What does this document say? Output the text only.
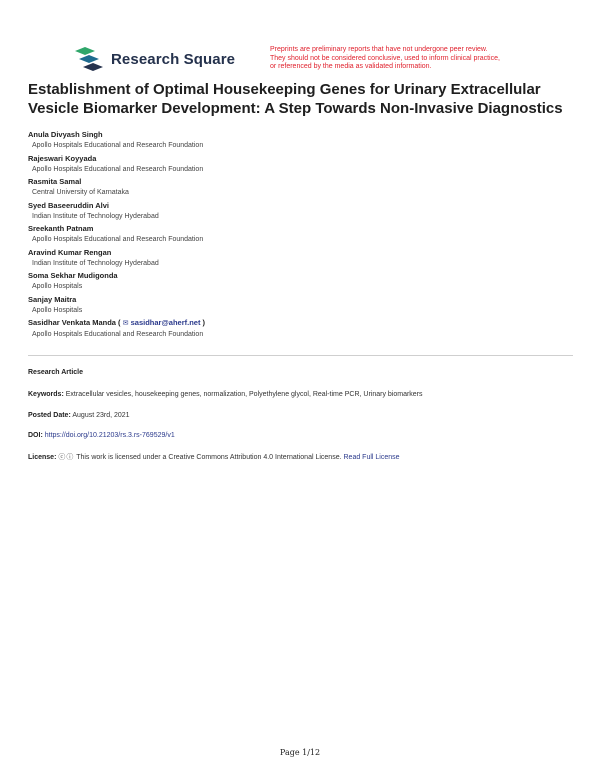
Research Square
Preprints are preliminary reports that have not undergone peer review.
They should not be considered conclusive, used to inform clinical practice,
or referenced by the media as validated information.
Establishment of Optimal Housekeeping Genes for Urinary Extracellular Vesicle Biomarker Development: A Step Towards Non-Invasive Diagnostics
Anula Divyash Singh
Apollo Hospitals Educational and Research Foundation
Rajeswari Koyyada
Apollo Hospitals Educational and Research Foundation
Rasmita Samal
Central University of Karnataka
Syed Baseeruddin Alvi
Indian Institute of Technology Hyderabad
Sreekanth Patnam
Apollo Hospitals Educational and Research Foundation
Aravind Kumar Rengan
Indian Institute of Technology Hyderabad
Soma Sekhar Mudigonda
Apollo Hospitals
Sanjay Maitra
Apollo Hospitals
Sasidhar Venkata Manda ( ✉ sasidhar@aherf.net )
Apollo Hospitals Educational and Research Foundation
Research Article
Keywords: Extracellular vesicles, housekeeping genes, normalization, Polyethylene glycol, Real-time PCR, Urinary biomarkers
Posted Date: August 23rd, 2021
DOI: https://doi.org/10.21203/rs.3.rs-769529/v1
License: ⓒⓘ This work is licensed under a Creative Commons Attribution 4.0 International License. Read Full License
Page 1/12
